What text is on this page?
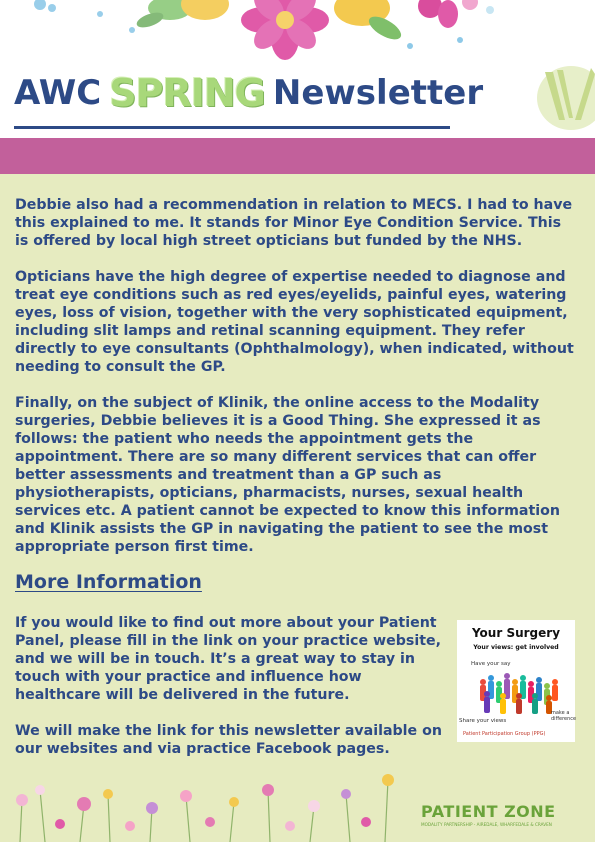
AWC SPRING Newsletter

Debbie also had a recommendation in relation to MECS. I had to have this explained to me. It stands for Minor Eye Condition Service. This is offered by local high street opticians but funded by the NHS.

Opticians have the high degree of expertise needed to diagnose and treat eye conditions such as red eyes/eyelids, painful eyes, watering eyes, loss of vision, together with the very sophisticated equipment, including slit lamps and retinal scanning equipment. They refer directly to eye consultants (Ophthalmology), when indicated, without needing to consult the GP.

Finally, on the subject of Klinik, the online access to the Modality surgeries, Debbie believes it is a Good Thing. She expressed it as follows: the patient who needs the appointment gets the appointment. There are so many different services that can offer better assessments and treatment than a GP such as physiotherapists, opticians, pharmacists, nurses, sexual health services etc. A patient cannot be expected to know this information and Klinik assists the GP in navigating the patient to see the most appropriate person first time.

More Information

If you would like to find out more about your Patient Panel, please fill in the link on your practice website, and we will be in touch. It’s a great way to stay in touch with your practice and influence how healthcare will be delivered in the future.

We will make the link for this newsletter available on our websites and via practice Facebook pages.

Your Surgery
Your views: get involved
Have your say
make a difference
Share your views
Patient Participation Group (PPG)
PATIENT ZONE
MODALITY PARTNERSHIP - AIREDALE, WHARFEDALE & CRAVEN
